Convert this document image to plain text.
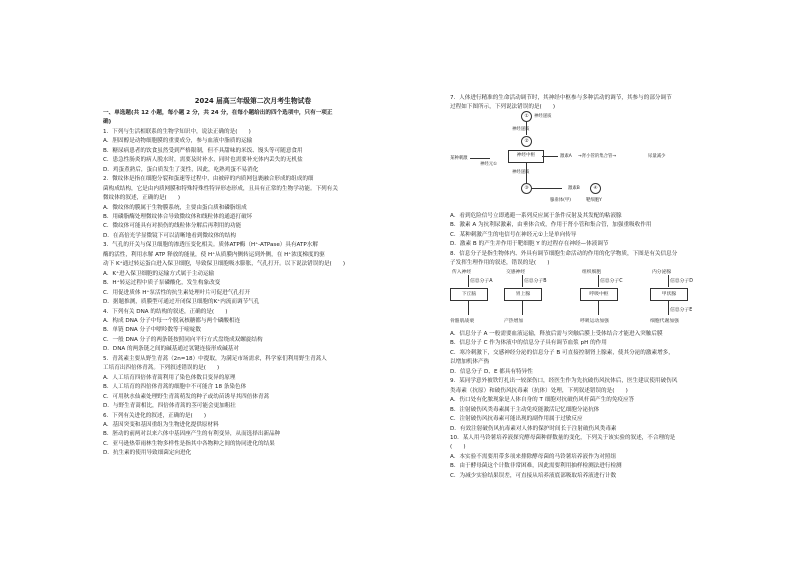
2024 届高三年级第二次月考生物试卷

一、单选题(共 12 小题，每小题 2 分，共 24 分，在每小题给出的四个选项中，只有一项正

确)

1．下列与生活相联系的生物学知识中，说法正确的是(　　)

A．胆固醇是动物细胞膜的重要成分，参与血液中脂质的运输

B．糖尿病患者的饮食虽然受到严格限制，但不具甜味的米饭、馒头等可随意食用

C．患急性肠炎的病人脱水时，需要及时补水，同时也需要补充体内丢失的无机盐

D．鸡蛋煮熟后，蛋白质发生了变性，因此，吃熟鸡蛋不易消化

2．微纹体是指在细胞分裂和蛋速等过程中，由被碎的内质网包裹融合形成的组成的细

菌构成结构，它是由内质网膜和特殊特殊性特异形态形成，且具有正常的生物学功能。下列有关

微纹体的叙述，正确的是(　　)

A．微纹体的膜属于生物膜系统，主要由蛋白质和磷脂组成

B．用磷脂酶处理微纹体合导致微纹体和线粒体的通道打破坏

C．微纹体可能具有对损伤的线粒体分解后再利用的功能

D．在高倍光学显微镜下可以清晰地看到微纹体的结构

3．气孔的开关与保卫细胞的渗透压变化相关。质体ATP酶（H⁺-ATPase）具有ATP水解

酶的活性，利用水解 ATP 释放的能量，使 H⁺从质膜内侧转运到外侧，在 H⁺浓度梯度的驱

动下 K⁺通过转运蛋白进入保卫细胞，导致保卫细胞吸水膨胀，气孔打开。以下说法错误的是(　　)

A．K⁺进入保卫细胞的运输方式属于主动运输

B．H⁺转运过程中质子泵磷酸化，发生构象改变

C．用促进质体 H⁺泵活性的抗生素处理叶片可促进气孔打开

D．据题推测，质膜型可通过开闭保卫细胞的K⁺内流而调节气孔

4．下列有关 DNA 的结构的叙述，正确的是(　　)

A．构成 DNA 分子中每一个脱氧核糖都与两个磷酸相连

B．单链 DNA 分子中嘌呤数等于嘧啶数

C．一般 DNA 分子的两条链按照同向平行方式盘绕成双螺旋结构

D．DNA 的两条链之间的碱基通过氢键连接形成碱基对

5．青蒿素主要从野生青蒿（2n=18）中提取，为满足市场需求，科学家们利用野生青蒿人

工培育出四倍体青蒿。下列叙述错误的是(　　)

A．人工培育四倍体青蒿利用了染色体数目变异的原理

B．人工培育的四倍体青蒿的细胞中不可能含 18 条染色体

C．可用秋水仙素处理野生青蒿萌发的种子或幼苗诱导其四倍体青蒿

D．与野生青蒿相比，四倍体青蒿的茎可能会更加粗壮

6．下列有关进化的叙述，正确的是(　　)

A．基因突变和基因重组为生物进化提供原材料

B．胚动的前两对以来六体中基因座产生的有利变异，从而选择出新品种

C．亚马逊热带雨林生物多样性是指其中各物种之间的协同进化的结果

D．抗生素的使用导致细菌定向进化

7．人体进行精准的生命活动调节时，其神经中枢参与多种活动的调节，其参与的部分调节

过程如下图所示，下列说法错误的是(　　)

A．看到危险信号立即逃避一系列反应属于条件反射及其发配的粘液腺

B．激素 A 为抗利尿激素，由垂体合成，作用于肾小管和集合管，加强重吸收作用

C．某种刺激产生的电信号在神经元①上是单向传导

D．激素 B 的产生并作用于靶细胞 Y 的过程存在神经—体液调节

8．信息分子是指生物体内、外具有调节细胞生命活动的作用的化学物质，下图是有关信息分

子发挥生理作用的叙述，错误的是(　　)

A．信息分子 A 一般需要血液运输，释放后需与突触后膜上受体结合才能进入突触后膜

B．信息分子 C 作为体液中的信息分子具有调节血浆 pH 的作用

C．寒冷刺激下，交感神经分泌的信息分子 B 可直接控制肾上腺素，使其分泌的激素增多，

以增加机体产热

D．信息分子 D、E 都具有特异性

9．某同学意外被铁钉扎出一较深伤口，经医生作为先抗破伤风抗体后，医生建议使用破伤风

类毒素（抗原）和破伤风抗毒素（抗体）处理，下列叙述错误的是(　　)

A．伤口处有化脓现象是人体自身的 T 细胞对抗破伤风杆菌产生的免疫应答

B．注射破伤风类毒素属于主动免疫能激活记忆细胞分泌抗体

C．注射破伤风抗毒素可能出现的副作用属于过敏反应

D．有效注射破伤风抗毒素对人体的保护时间长于注射破伤风类毒素

10．某人用马铃薯培养液探究酵母菌种群数量的变化，下列关于该实验的叙述，不合理的是

(　　)

A．本实验不需要用带多项来排除酵母菌的马铃薯培养液作为对照组

B．由于酵母菌这个计数非常困难，因此需要利用抽样检测法进行检测

C．为减少实验结果误差，可直接从培养液底部吸取培养液进行计数

①	神经递质
神经递质
②
某种刺激
神经元①
神经中枢	激素A →肾小管的集合管→	尿量减少
神经递质
③	激素B	④
腺垂体(甲)	靶细胞Y
传入神经
信息分子A
下丘脑
骨骼肌战栗
交感神经
信息分子B
胃上腺
产热增加
组织细胞
信息分子C
呼吸中枢
呼吸运动加强
内分泌腺
信息分子D
甲状腺
细胞代谢加强
信息分子E
